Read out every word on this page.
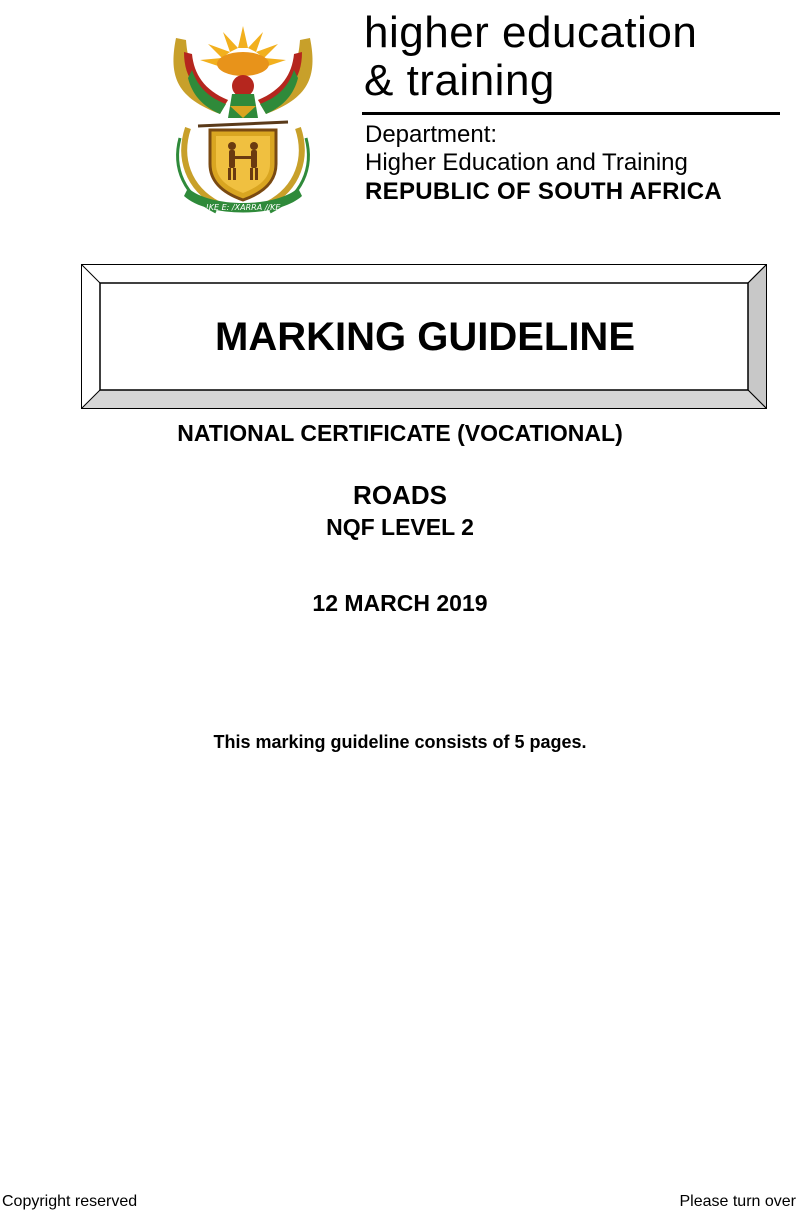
!KE E: /XARRA //KE
higher education
& training
Department:
Higher Education and Training
REPUBLIC OF SOUTH AFRICA
MARKING GUIDELINE
NATIONAL CERTIFICATE (VOCATIONAL)
ROADS
NQF LEVEL 2
12 MARCH 2019
This marking guideline consists of 5 pages.
Copyright reserved	Please turn over
